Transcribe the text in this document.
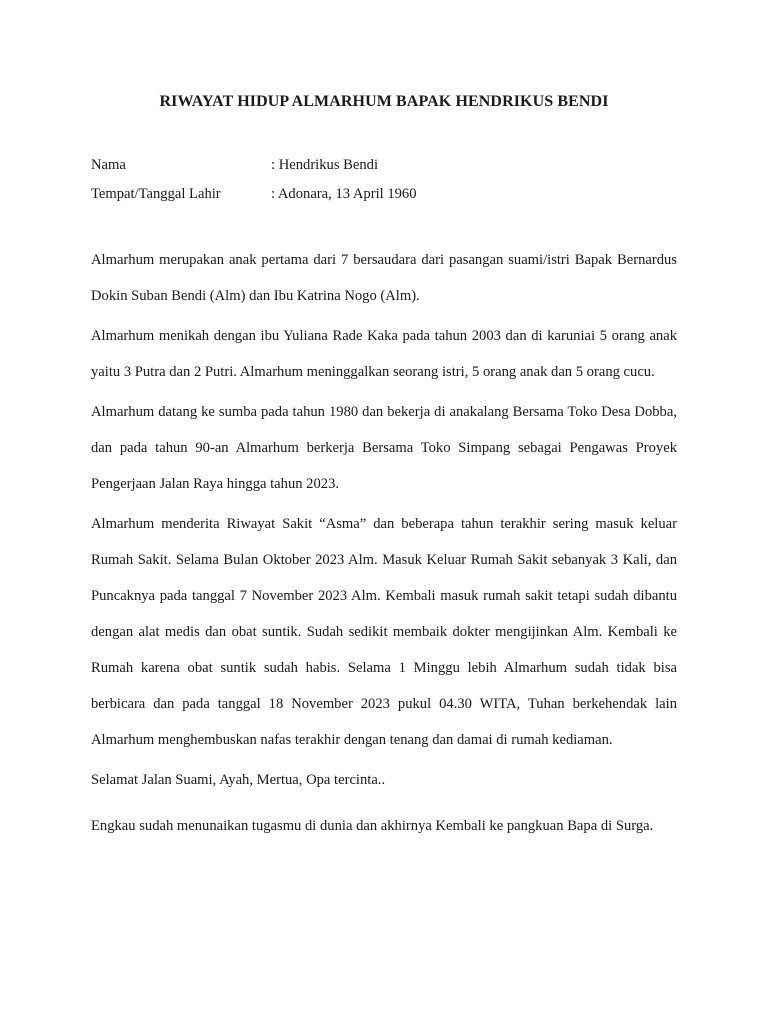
RIWAYAT HIDUP ALMARHUM BAPAK HENDRIKUS BENDI
Nama	: Hendrikus Bendi
Tempat/Tanggal Lahir	: Adonara, 13 April 1960

Almarhum merupakan anak pertama dari 7 bersaudara dari pasangan suami/istri Bapak Bernardus Dokin Suban Bendi (Alm) dan Ibu Katrina Nogo (Alm).

Almarhum menikah dengan ibu Yuliana Rade Kaka pada tahun 2003 dan di karuniai 5 orang anak yaitu 3 Putra dan 2 Putri. Almarhum meninggalkan seorang istri, 5 orang anak dan 5 orang cucu.

Almarhum datang ke sumba pada tahun 1980 dan bekerja di anakalang Bersama Toko Desa Dobba, dan pada tahun 90-an Almarhum berkerja Bersama Toko Simpang sebagai Pengawas Proyek Pengerjaan Jalan Raya hingga tahun 2023.

Almarhum menderita Riwayat Sakit “Asma” dan beberapa tahun terakhir sering masuk keluar Rumah Sakit. Selama Bulan Oktober 2023 Alm. Masuk Keluar Rumah Sakit sebanyak 3 Kali, dan Puncaknya pada tanggal 7 November 2023 Alm. Kembali masuk rumah sakit tetapi sudah dibantu dengan alat medis dan obat suntik. Sudah sedikit membaik dokter mengijinkan Alm. Kembali ke Rumah karena obat suntik sudah habis. Selama 1 Minggu lebih Almarhum sudah tidak bisa berbicara dan pada tanggal 18 November 2023 pukul 04.30 WITA, Tuhan berkehendak lain Almarhum menghembuskan nafas terakhir dengan tenang dan damai di rumah kediaman.

Selamat Jalan Suami, Ayah, Mertua, Opa tercinta..

Engkau sudah menunaikan tugasmu di dunia dan akhirnya Kembali ke pangkuan Bapa di Surga.
